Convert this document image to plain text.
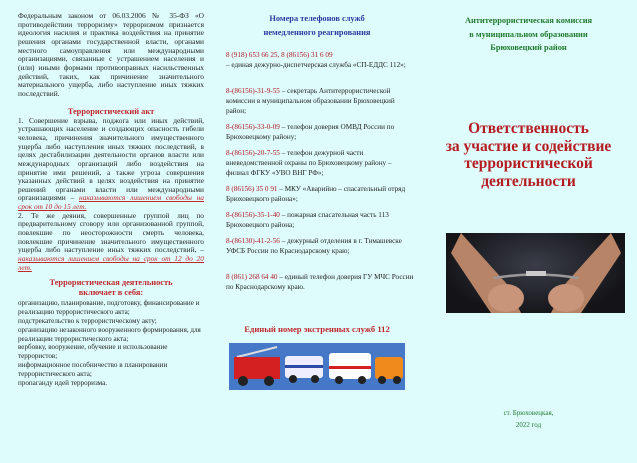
Федеральным законом от 06.03.2006 № 35-ФЗ «О противодействии терроризму» терроризмом признается идеология насилия и практика воздействия на принятие решения органами государственной власти, органами местного самоуправления или международными организациями, связанные с устрашением населения и (или) иными формами противоправных насильственных действий, таких, как причинение значительного материального ущерба, либо наступление иных тяжких последствий.

Террористический акт

1. Совершение взрыва, поджога или иных действий, устрашающих население и создающих опасность гибели человека, причинения значительного имущественного ущерба либо наступления иных тяжких последствий, в целях дестабилизации деятельности органов власти или международных организаций либо воздействия на принятие ими решений, а также угроза совершения указанных действий в целях воздействия на принятие решений органами власти или международными организациями – наказываются лишением свободы на срок от 10 до 15 лет.

2. Те же деяния, совершенные группой лиц по предварительному сговору или организованной группой, повлекшие по неосторожности смерть человека, повлекшие причинение значительного имущественного ущерба либо наступление иных тяжких последствий, – наказываются лишением свободы на срок от 12 до 20 лет.

Террористическая деятельность
включает в себя:
организацию, планирование, подготовку, финансирование и реализацию террористического акта;
подстрекательство к террористическому акту;
организацию незаконного вооруженного формирования, для реализации террористического акта;
вербовку, вооружение, обучение и использование террористов;
информационное пособничество в планировании террористического акта;
пропаганду идей терроризма.
Номера телефонов служб
немедленного реагирования
8 (918) 653 66 25, 8 (86156) 31 6 09
– единая дежурно-диспетчерская служба «СП-ЕДДС 112»;
8-(86156)-31-9-55 – секретарь Антитеррористической комиссии в муниципальном образовании Брюховецкий район;
8-(86156)-33-0-09 – телефон доверия ОМВД России по Брюховецкому району;
8-(86156)-20-7-55 – телефон дежурной части вневедомственной охраны по Брюховецкому району – филиал ФГКУ «УВО ВНГ РФ»;
8 (86156) 35 0 91 – МКУ «Аварийно – спасательный отряд Брюховецкого района»;
8-(86156)-35-1-40 – пожарная спасательная часть 113 Брюховецкого района;
8-(86130)-41-2-56 – дежурный отделения в г. Тимашевске УФСБ России по Краснодарскому краю;
8 (861) 268 64 40 – единый телефон доверия ГУ МЧС России по Краснодарскому краю.
Единый номер экстренных служб 112
Антитеррористическая комиссия
в муниципальном образовании
Брюховецкий район
Ответственность
за участие и содействие
террористической
деятельности
ст. Брюховецкая,
2022 год
